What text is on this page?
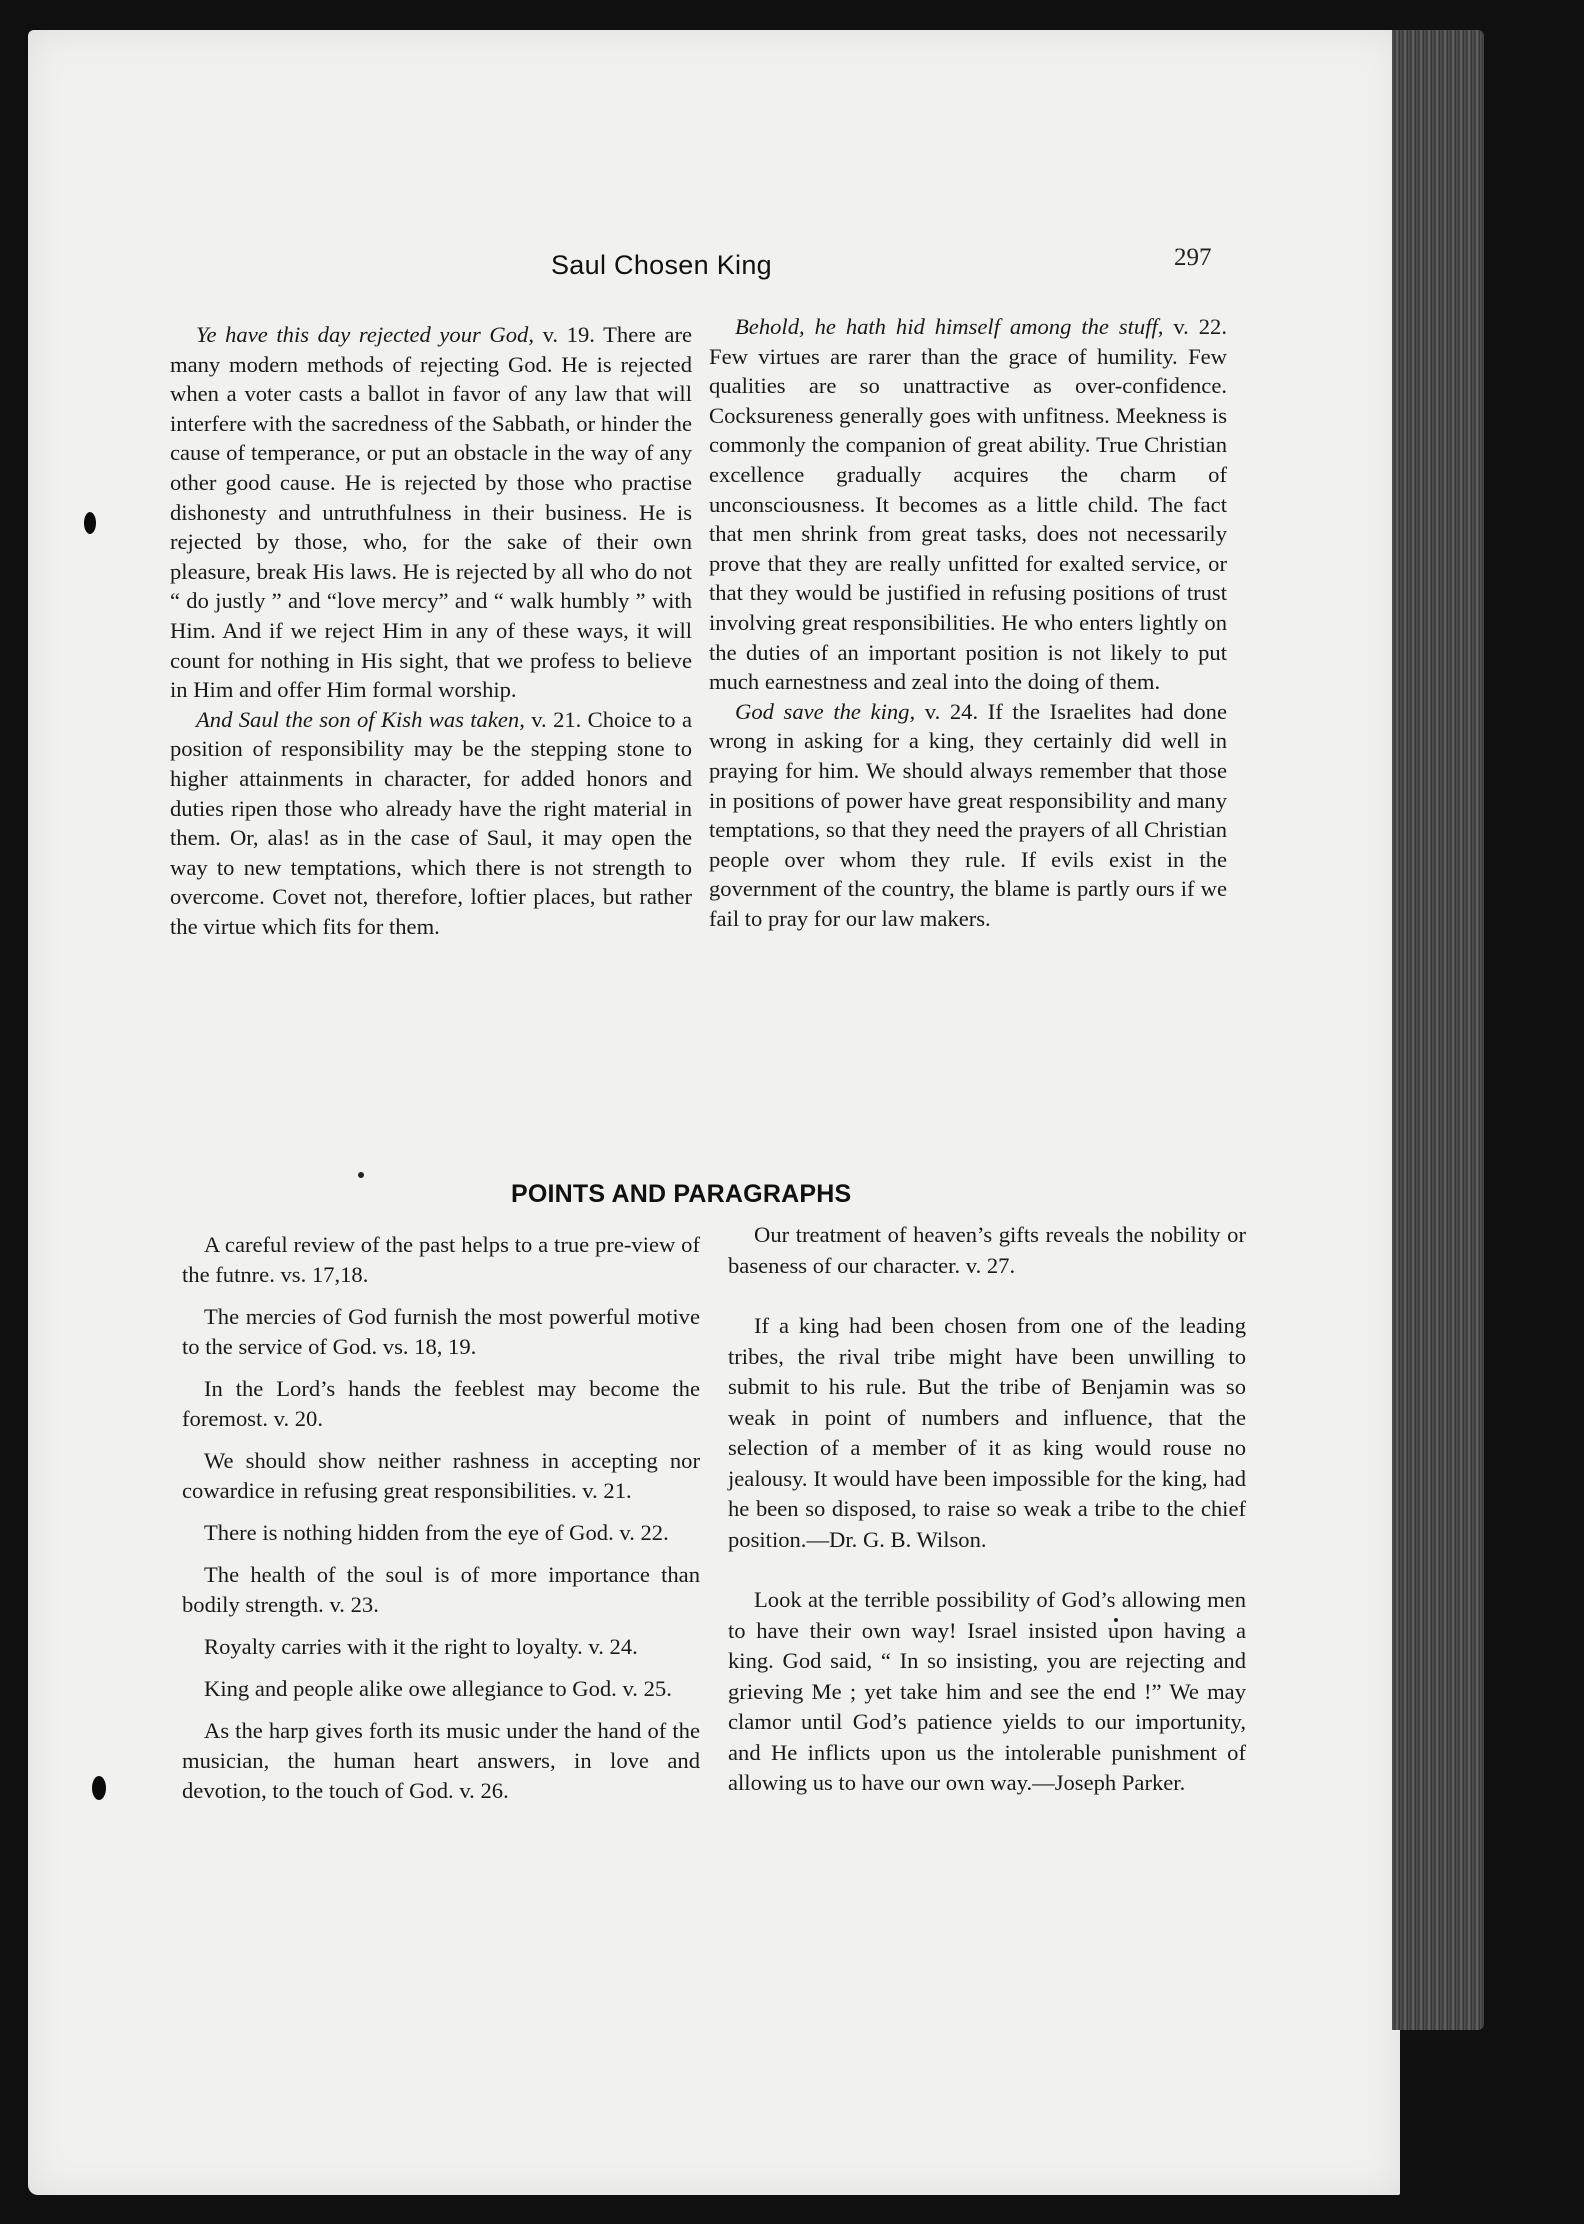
Saul Chosen King	297

Ye have this day rejected your God, v. 19. There are many modern methods of rejecting God. He is rejected when a voter casts a ballot in favor of any law that will interfere with the sacredness of the Sabbath, or hinder the cause of temperance, or put an obstacle in the way of any other good cause. He is rejected by those who practise dishonesty and untruthfulness in their business. He is rejected by those, who, for the sake of their own pleasure, break His laws. He is rejected by all who do not “ do justly ” and “love mercy” and “ walk humbly ” with Him. And if we reject Him in any of these ways, it will count for nothing in His sight, that we profess to believe in Him and offer Him formal worship.

And Saul the son of Kish was taken, v. 21. Choice to a position of responsibility may be the stepping stone to higher attainments in character, for added honors and duties ripen those who already have the right material in them. Or, alas! as in the case of Saul, it may open the way to new temptations, which there is not strength to overcome. Covet not, therefore, loftier places, but rather the virtue which fits for them.

Behold, he hath hid himself among the stuff, v. 22. Few virtues are rarer than the grace of humility. Few qualities are so unattractive as over-confidence. Cocksureness generally goes with unfitness. Meekness is commonly the companion of great ability. True Christian excellence gradually acquires the charm of unconsciousness. It becomes as a little child. The fact that men shrink from great tasks, does not necessarily prove that they are really unfitted for exalted service, or that they would be justified in refusing positions of trust involving great responsibilities. He who enters lightly on the duties of an important position is not likely to put much earnestness and zeal into the doing of them.

God save the king, v. 24. If the Israelites had done wrong in asking for a king, they certainly did well in praying for him. We should always remember that those in positions of power have great responsibility and many temptations, so that they need the prayers of all Christian people over whom they rule. If evils exist in the government of the country, the blame is partly ours if we fail to pray for our law makers.

POINTS AND PARAGRAPHS

A careful review of the past helps to a true pre-view of the futnre. vs. 17,18.

The mercies of God furnish the most powerful motive to the service of God. vs. 18, 19.

In the Lord’s hands the feeblest may become the foremost. v. 20.

We should show neither rashness in accepting nor cowardice in refusing great responsibilities. v. 21.

There is nothing hidden from the eye of God. v. 22.

The health of the soul is of more importance than bodily strength. v. 23.

Royalty carries with it the right to loyalty. v. 24.

King and people alike owe allegiance to God. v. 25.

As the harp gives forth its music under the hand of the musician, the human heart answers, in love and devotion, to the touch of God. v. 26.

Our treatment of heaven’s gifts reveals the nobility or baseness of our character. v. 27.

If a king had been chosen from one of the leading tribes, the rival tribe might have been unwilling to submit to his rule. But the tribe of Benjamin was so weak in point of numbers and influence, that the selection of a member of it as king would rouse no jealousy. It would have been impossible for the king, had he been so disposed, to raise so weak a tribe to the chief position.—Dr. G. B. Wilson.

Look at the terrible possibility of God’s allowing men to have their own way! Israel insisted upon having a king. God said, “ In so insisting, you are rejecting and grieving Me ; yet take him and see the end !” We may clamor until God’s patience yields to our importunity, and He inflicts upon us the intolerable punishment of allowing us to have our own way.—Joseph Parker.
